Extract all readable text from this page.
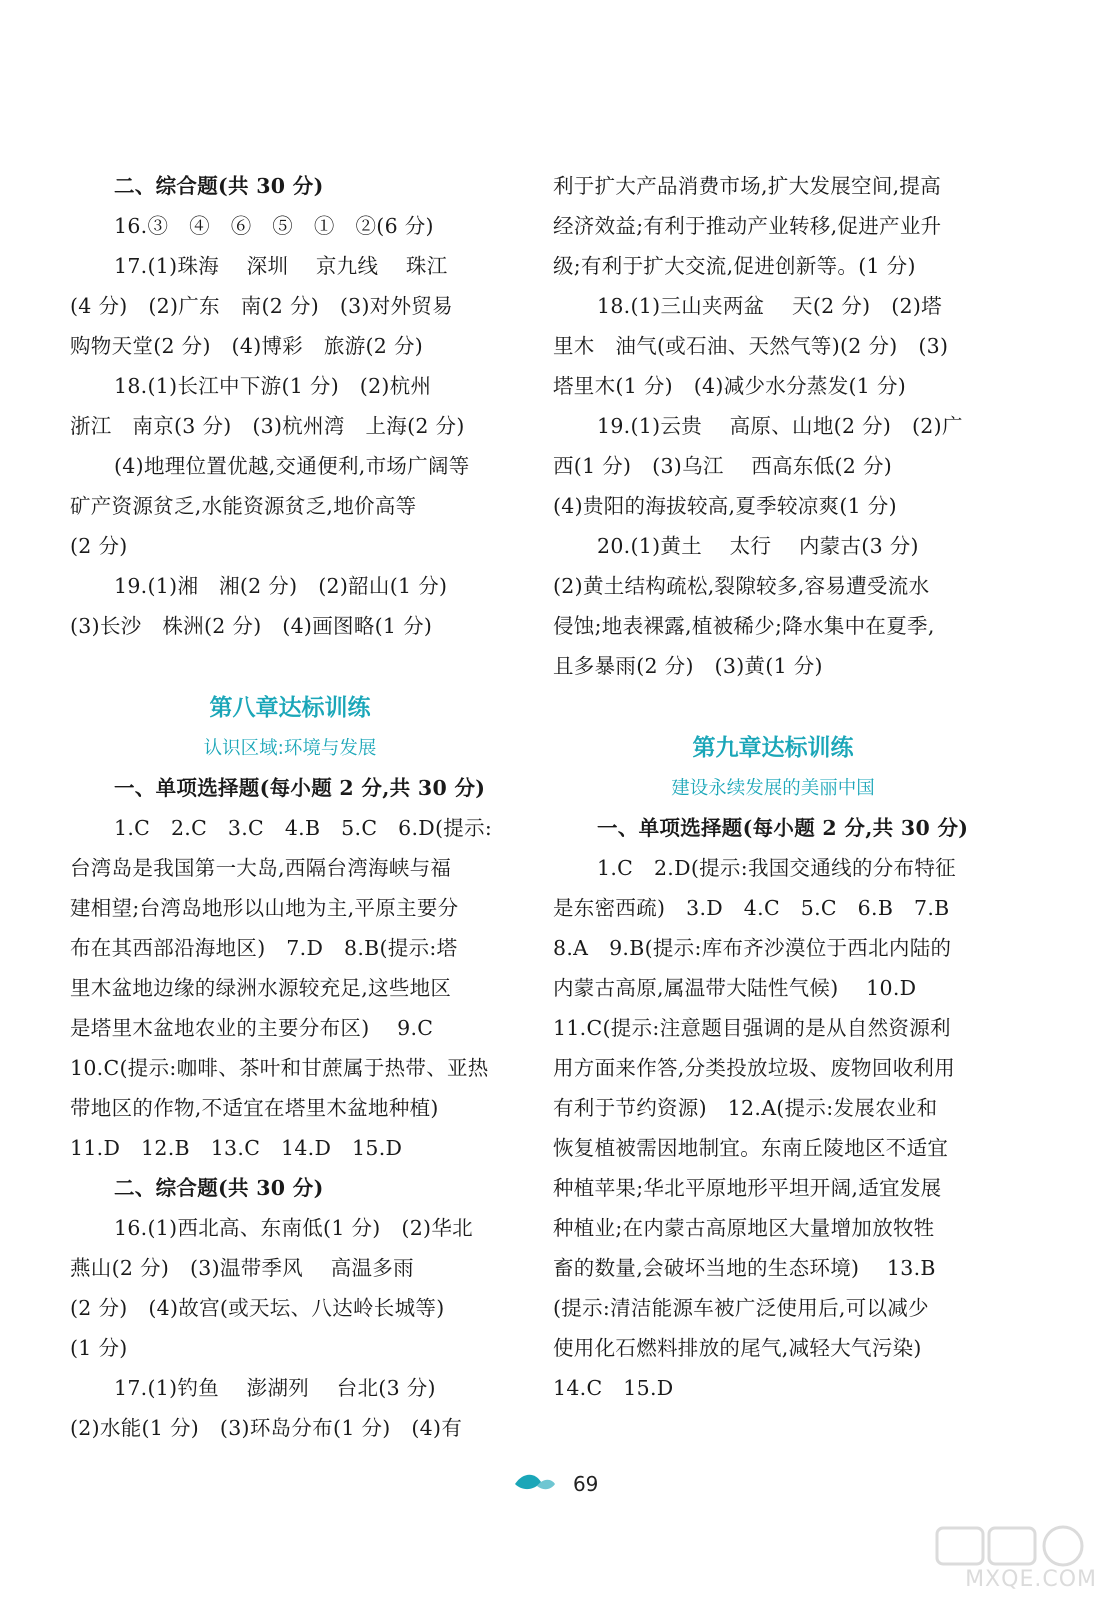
二、综合题(共 30 分)
16.③　④　⑥　⑤　①　②(6 分)
17.(1)珠海　 深圳　 京九线　 珠江
(4 分)　(2)广东　南(2 分)　(3)对外贸易
购物天堂(2 分)　(4)博彩　旅游(2 分)
18.(1)长江中下游(1 分)　(2)杭州
浙江　南京(3 分)　(3)杭州湾　上海(2 分)
(4)地理位置优越,交通便利,市场广阔等
矿产资源贫乏,水能资源贫乏,地价高等
(2 分)
19.(1)湘　湘(2 分)　(2)韶山(1 分)
(3)长沙　株洲(2 分)　(4)画图略(1 分)
第八章达标训练
认识区域:环境与发展
一、单项选择题(每小题 2 分,共 30 分)
1.C　2.C　3.C　4.B　5.C　6.D(提示:
台湾岛是我国第一大岛,西隔台湾海峡与福
建相望;台湾岛地形以山地为主,平原主要分
布在其西部沿海地区)　7.D　8.B(提示:塔
里木盆地边缘的绿洲水源较充足,这些地区
是塔里木盆地农业的主要分布区)　 9.C
10.C(提示:咖啡、茶叶和甘蔗属于热带、亚热
带地区的作物,不适宜在塔里木盆地种植)
11.D　12.B　13.C　14.D　15.D
二、综合题(共 30 分)
16.(1)西北高、东南低(1 分)　(2)华北
燕山(2 分)　(3)温带季风　 高温多雨
(2 分)　(4)故宫(或天坛、八达岭长城等)
(1 分)
17.(1)钓鱼　 澎湖列　 台北(3 分)
(2)水能(1 分)　(3)环岛分布(1 分)　(4)有
利于扩大产品消费市场,扩大发展空间,提高
经济效益;有利于推动产业转移,促进产业升
级;有利于扩大交流,促进创新等。(1 分)
18.(1)三山夹两盆　 天(2 分)　(2)塔
里木　油气(或石油、天然气等)(2 分)　(3)
塔里木(1 分)　(4)减少水分蒸发(1 分)
19.(1)云贵　 高原、山地(2 分)　(2)广
西(1 分)　(3)乌江　 西高东低(2 分)
(4)贵阳的海拔较高,夏季较凉爽(1 分)
20.(1)黄土　 太行　 内蒙古(3 分)
(2)黄土结构疏松,裂隙较多,容易遭受流水
侵蚀;地表裸露,植被稀少;降水集中在夏季,
且多暴雨(2 分)　(3)黄(1 分)
第九章达标训练
建设永续发展的美丽中国
一、单项选择题(每小题 2 分,共 30 分)
1.C　2.D(提示:我国交通线的分布特征
是东密西疏)　3.D　4.C　5.C　6.B　7.B
8.A　9.B(提示:库布齐沙漠位于西北内陆的
内蒙古高原,属温带大陆性气候)　 10.D
11.C(提示:注意题目强调的是从自然资源利
用方面来作答,分类投放垃圾、废物回收利用
有利于节约资源)　12.A(提示:发展农业和
恢复植被需因地制宜。东南丘陵地区不适宜
种植苹果;华北平原地形平坦开阔,适宜发展
种植业;在内蒙古高原地区大量增加放牧牲
畜的数量,会破坏当地的生态环境)　 13.B
(提示:清洁能源车被广泛使用后,可以减少
使用化石燃料排放的尾气,减轻大气污染)
14.C　15.D
69
MXQE.COM
